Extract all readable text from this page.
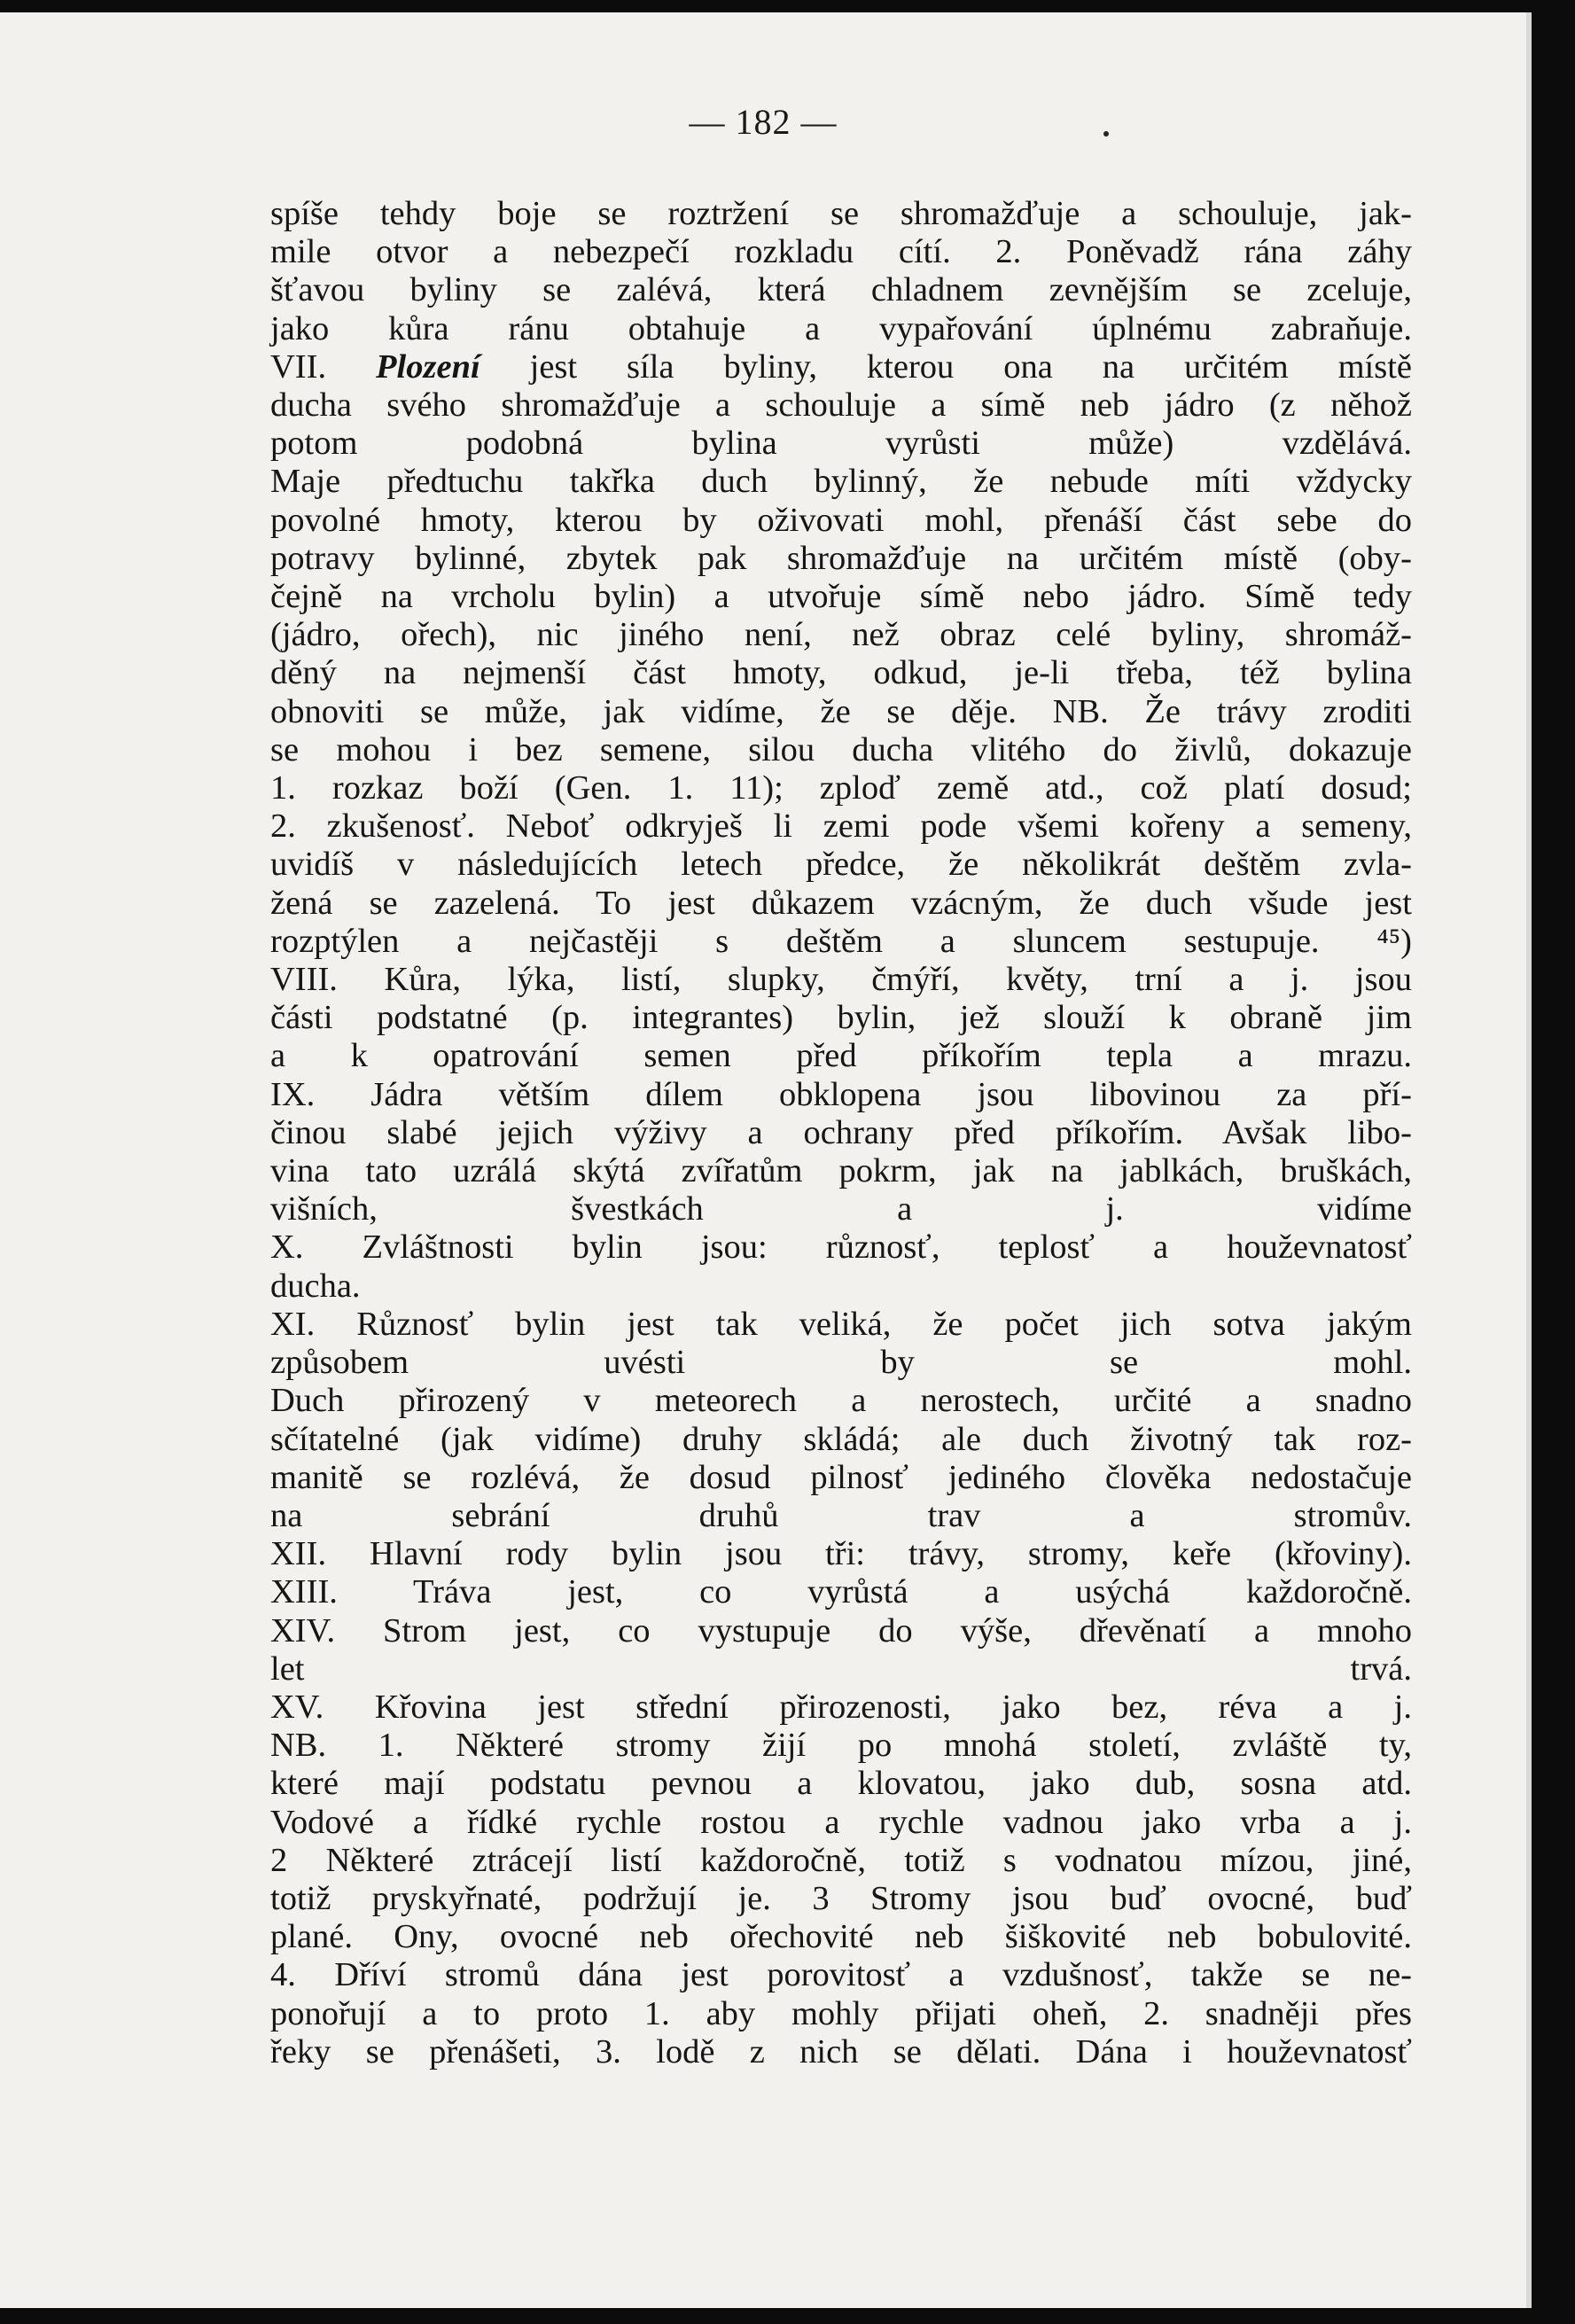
— 182 —
spíše tehdy boje se roztržení se shromažďuje a schouluje, jak-
mile otvor a nebezpečí rozkladu cítí. 2. Poněvadž rána záhy
šťavou byliny se zalévá, která chladnem zevnějším se zceluje,
jako kůra ránu obtahuje a vypařování úplnému zabraňuje.
VII. Plození jest síla byliny, kterou ona na určitém místě
ducha svého shromažďuje a schouluje a símě neb jádro (z něhož
potom podobná bylina vyrůsti může) vzdělává.
Maje předtuchu takřka duch bylinný, že nebude míti vždycky
povolné hmoty, kterou by oživovati mohl, přenáší část sebe do
potravy bylinné, zbytek pak shromažďuje na určitém místě (oby-
čejně na vrcholu bylin) a utvořuje símě nebo jádro. Símě tedy
(jádro, ořech), nic jiného není, než obraz celé byliny, shromáž-
děný na nejmenší část hmoty, odkud, je-li třeba, též bylina
obnoviti se může, jak vidíme, že se děje. NB. Že trávy zroditi
se mohou i bez semene, silou ducha vlitého do živlů, dokazuje
1. rozkaz boží (Gen. 1. 11); zploď země atd., což platí dosud;
2. zkušenosť. Neboť odkryješ li zemi pode všemi kořeny a semeny,
uvidíš v následujících letech předce, že několikrát deštěm zvla-
žená se zazelená. To jest důkazem vzácným, že duch všude jest
rozptýlen a nejčastěji s deštěm a sluncem sestupuje. ⁴⁵)
VIII. Kůra, lýka, listí, slupky, čmýří, květy, trní a j. jsou
části podstatné (p. integrantes) bylin, jež slouží k obraně jim
a k opatrování semen před příkořím tepla a mrazu.
IX. Jádra větším dílem obklopena jsou libovinou za pří-
činou slabé jejich výživy a ochrany před příkořím. Avšak libo-
vina tato uzrálá skýtá zvířatům pokrm, jak na jablkách, bruškách,
višních, švestkách a j. vidíme
X. Zvláštnosti bylin jsou: různosť, teplosť a houževnatosť
ducha.
XI. Různosť bylin jest tak veliká, že počet jich sotva jakým
způsobem uvésti by se mohl.
Duch přirozený v meteorech a nerostech, určité a snadno
sčítatelné (jak vidíme) druhy skládá; ale duch životný tak roz-
manitě se rozlévá, že dosud pilnosť jediného člověka nedostačuje
na sebrání druhů trav a stromův.
XII. Hlavní rody bylin jsou tři: trávy, stromy, keře (křoviny).
XIII. Tráva jest, co vyrůstá a usýchá každoročně.
XIV. Strom jest, co vystupuje do výše, dřevěnatí a mnoho
let trvá.
XV. Křovina jest střední přirozenosti, jako bez, réva a j.
NB. 1. Některé stromy žijí po mnohá století, zvláště ty,
které mají podstatu pevnou a klovatou, jako dub, sosna atd.
Vodové a řídké rychle rostou a rychle vadnou jako vrba a j.
2 Některé ztrácejí listí každoročně, totiž s vodnatou mízou, jiné,
totiž pryskyřnaté, podržují je. 3 Stromy jsou buď ovocné, buď
plané. Ony, ovocné neb ořechovité neb šiškovité neb bobulovité.
4. Dříví stromů dána jest porovitosť a vzdušnosť, takže se ne-
ponořují a to proto 1. aby mohly přijati oheň, 2. snadněji přes
řeky se přenášeti, 3. lodě z nich se dělati. Dána i houževnatosť
